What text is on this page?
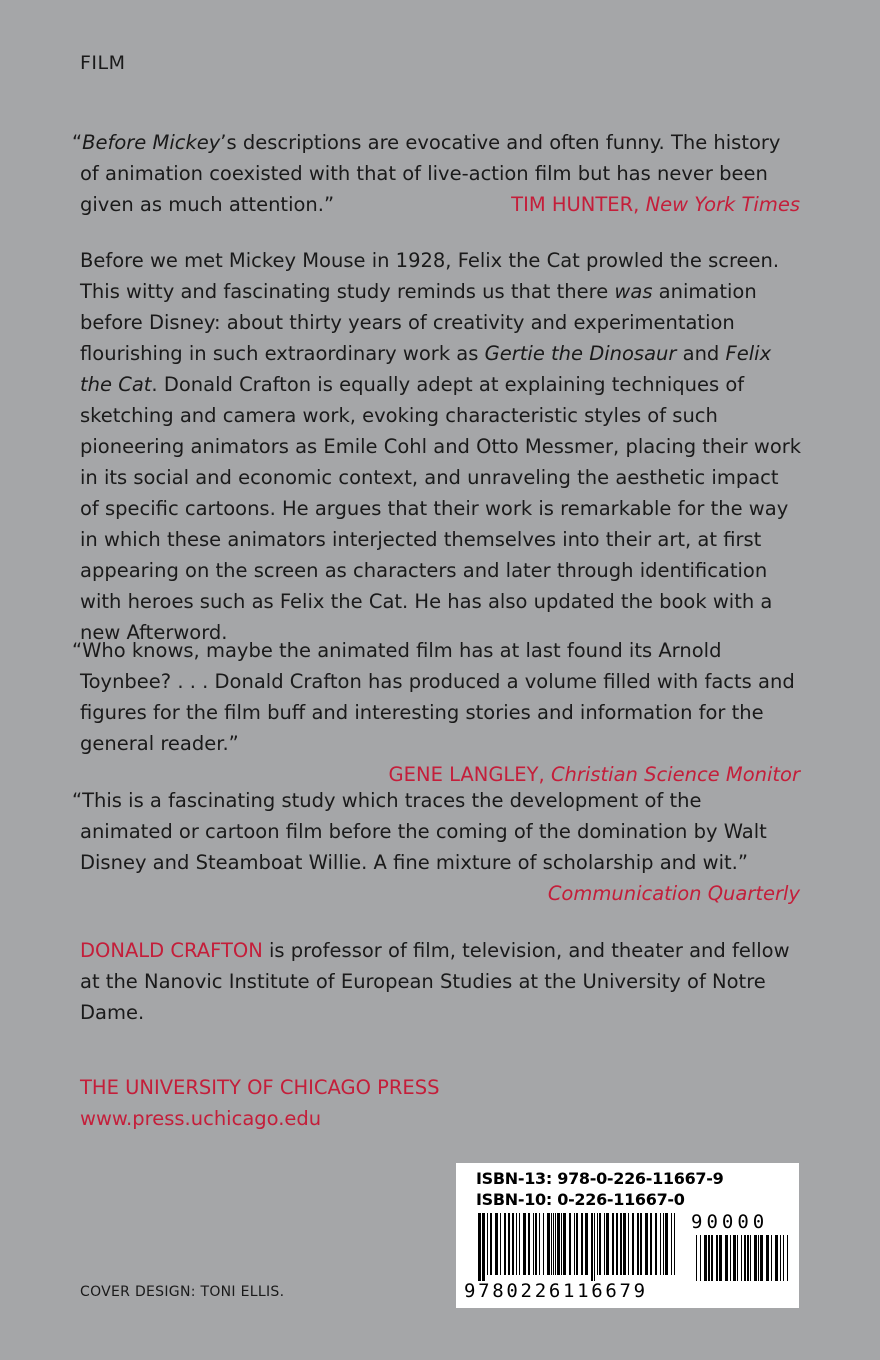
FILM

“Before Mickey’s descriptions are evocative and often funny. The history of animation coexisted with that of live-action film but has never been given as much attention.”	TIM HUNTER, New York Times

Before we met Mickey Mouse in 1928, Felix the Cat prowled the screen. This witty and fascinating study reminds us that there was animation before Disney: about thirty years of creativity and experimentation flourishing in such extraordinary work as Gertie the Dinosaur and Felix the Cat. Donald Crafton is equally adept at explaining techniques of sketching and camera work, evoking characteristic styles of such pioneering animators as Emile Cohl and Otto Messmer, placing their work in its social and economic context, and unraveling the aesthetic impact of specific cartoons. He argues that their work is remarkable for the way in which these animators interjected themselves into their art, at first appearing on the screen as characters and later through identification with heroes such as Felix the Cat. He has also updated the book with a new Afterword.

“Who knows, maybe the animated film has at last found its Arnold Toynbee? . . . Donald Crafton has produced a volume filled with facts and figures for the film buff and interesting stories and information for the general reader.”

GENE LANGLEY, Christian Science Monitor

“This is a fascinating study which traces the development of the animated or cartoon film before the coming of the domination by Walt Disney and Steamboat Willie. A fine mixture of scholarship and wit.”

Communication Quarterly

DONALD CRAFTON is professor of film, television, and theater and fellow at the Nanovic Institute of European Studies at the University of Notre Dame.

THE UNIVERSITY OF CHICAGO PRESS
www.press.uchicago.edu
COVER DESIGN: TONI ELLIS.
ISBN-13: 978-0-226-11667-9
ISBN-10: 0-226-11667-0
90000
9780226116679
